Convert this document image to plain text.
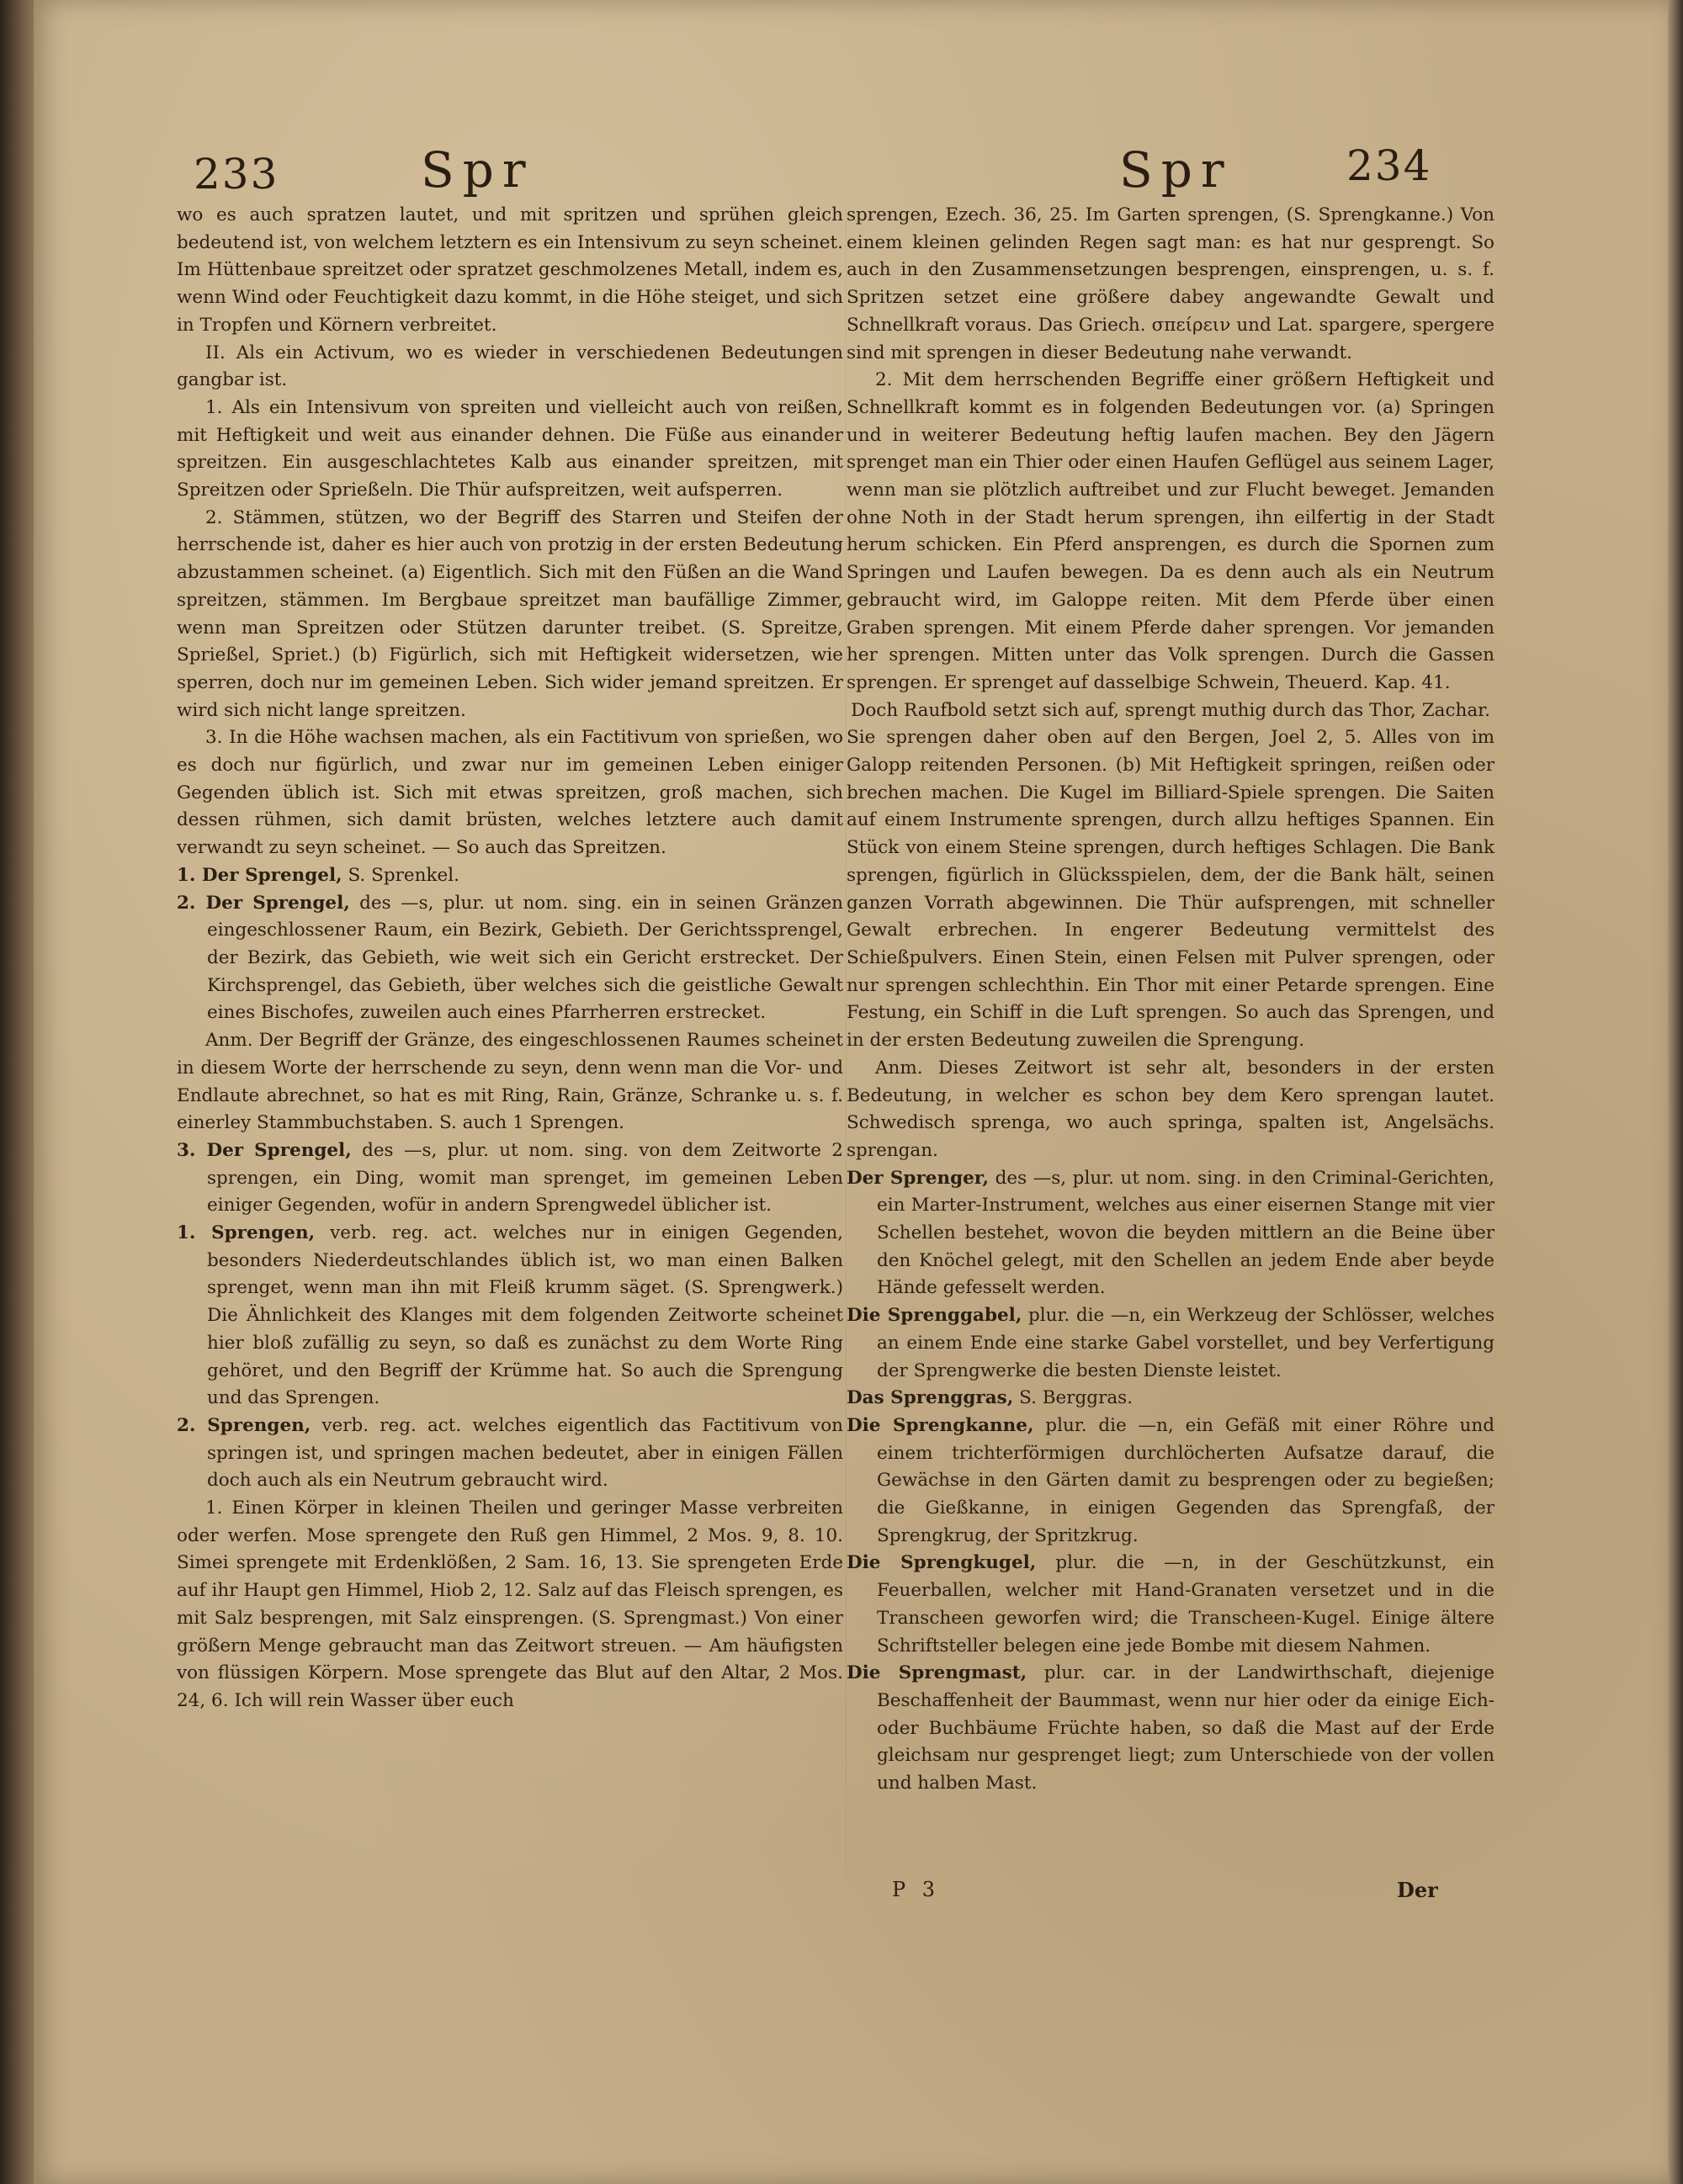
233	Spr	Spr	234

wo es auch spratzen lautet, und mit spritzen und sprühen gleich bedeutend ist, von welchem letztern es ein Intensivum zu seyn scheinet. Im Hüttenbaue spreitzet oder spratzet geschmolzenes Metall, indem es, wenn Wind oder Feuchtigkeit dazu kommt, in die Höhe steiget, und sich in Tropfen und Körnern verbreitet.

II. Als ein Activum, wo es wieder in verschiedenen Bedeutungen gangbar ist.

1. Als ein Intensivum von spreiten und vielleicht auch von reißen, mit Heftigkeit und weit aus einander dehnen. Die Füße aus einander spreitzen. Ein ausgeschlachtetes Kalb aus einander spreitzen, mit Spreitzen oder Sprießeln. Die Thür aufspreitzen, weit aufsperren.

2. Stämmen, stützen, wo der Begriff des Starren und Steifen der herrschende ist, daher es hier auch von protzig in der ersten Bedeutung abzustammen scheinet. (a) Eigentlich. Sich mit den Füßen an die Wand spreitzen, stämmen. Im Bergbaue spreitzet man baufällige Zimmer, wenn man Spreitzen oder Stützen darunter treibet. (S. Spreitze, Sprießel, Spriet.) (b) Figürlich, sich mit Heftigkeit widersetzen, wie sperren, doch nur im gemeinen Leben. Sich wider jemand spreitzen. Er wird sich nicht lange spreitzen.

3. In die Höhe wachsen machen, als ein Factitivum von sprießen, wo es doch nur figürlich, und zwar nur im gemeinen Leben einiger Gegenden üblich ist. Sich mit etwas spreitzen, groß machen, sich dessen rühmen, sich damit brüsten, welches letztere auch damit verwandt zu seyn scheinet. — So auch das Spreitzen.

1. Der Sprengel, S. Sprenkel.

2. Der Sprengel, des —s, plur. ut nom. sing. ein in seinen Gränzen eingeschlossener Raum, ein Bezirk, Gebieth. Der Gerichtssprengel, der Bezirk, das Gebieth, wie weit sich ein Gericht erstrecket. Der Kirchsprengel, das Gebieth, über welches sich die geistliche Gewalt eines Bischofes, zuweilen auch eines Pfarrherren erstrecket.

Anm. Der Begriff der Gränze, des eingeschlossenen Raumes scheinet in diesem Worte der herrschende zu seyn, denn wenn man die Vor- und Endlaute abrechnet, so hat es mit Ring, Rain, Gränze, Schranke u. s. f. einerley Stammbuchstaben. S. auch 1 Sprengen.

3. Der Sprengel, des —s, plur. ut nom. sing. von dem Zeitworte 2 sprengen, ein Ding, womit man sprenget, im gemeinen Leben einiger Gegenden, wofür in andern Sprengwedel üblicher ist.

1. Sprengen, verb. reg. act. welches nur in einigen Gegenden, besonders Niederdeutschlandes üblich ist, wo man einen Balken sprenget, wenn man ihn mit Fleiß krumm säget. (S. Sprengwerk.) Die Ähnlichkeit des Klanges mit dem folgenden Zeitworte scheinet hier bloß zufällig zu seyn, so daß es zunächst zu dem Worte Ring gehöret, und den Begriff der Krümme hat. So auch die Sprengung und das Sprengen.

2. Sprengen, verb. reg. act. welches eigentlich das Factitivum von springen ist, und springen machen bedeutet, aber in einigen Fällen doch auch als ein Neutrum gebraucht wird.

1. Einen Körper in kleinen Theilen und geringer Masse verbreiten oder werfen. Mose sprengete den Ruß gen Himmel, 2 Mos. 9, 8. 10. Simei sprengete mit Erdenklößen, 2 Sam. 16, 13. Sie sprengeten Erde auf ihr Haupt gen Himmel, Hiob 2, 12. Salz auf das Fleisch sprengen, es mit Salz besprengen, mit Salz einsprengen. (S. Sprengmast.) Von einer größern Menge gebraucht man das Zeitwort streuen. — Am häufigsten von flüssigen Körpern. Mose sprengete das Blut auf den Altar, 2 Mos. 24, 6. Ich will rein Wasser über euch

sprengen, Ezech. 36, 25. Im Garten sprengen, (S. Sprengkanne.) Von einem kleinen gelinden Regen sagt man: es hat nur gesprengt. So auch in den Zusammensetzungen besprengen, einsprengen, u. s. f. Spritzen setzet eine größere dabey angewandte Gewalt und Schnellkraft voraus. Das Griech. σπείρειν und Lat. spargere, spergere sind mit sprengen in dieser Bedeutung nahe verwandt.

2. Mit dem herrschenden Begriffe einer größern Heftigkeit und Schnellkraft kommt es in folgenden Bedeutungen vor. (a) Springen und in weiterer Bedeutung heftig laufen machen. Bey den Jägern sprenget man ein Thier oder einen Haufen Geflügel aus seinem Lager, wenn man sie plötzlich auftreibet und zur Flucht beweget. Jemanden ohne Noth in der Stadt herum sprengen, ihn eilfertig in der Stadt herum schicken. Ein Pferd ansprengen, es durch die Spornen zum Springen und Laufen bewegen. Da es denn auch als ein Neutrum gebraucht wird, im Galoppe reiten. Mit dem Pferde über einen Graben sprengen. Mit einem Pferde daher sprengen. Vor jemanden her sprengen. Mitten unter das Volk sprengen. Durch die Gassen sprengen. Er sprenget auf dasselbige Schwein, Theuerd. Kap. 41.

Doch Raufbold setzt sich auf, sprengt muthig durch das Thor, Zachar.

Sie sprengen daher oben auf den Bergen, Joel 2, 5. Alles von im Galopp reitenden Personen. (b) Mit Heftigkeit springen, reißen oder brechen machen. Die Kugel im Billiard-Spiele sprengen. Die Saiten auf einem Instrumente sprengen, durch allzu heftiges Spannen. Ein Stück von einem Steine sprengen, durch heftiges Schlagen. Die Bank sprengen, figürlich in Glücksspielen, dem, der die Bank hält, seinen ganzen Vorrath abgewinnen. Die Thür aufsprengen, mit schneller Gewalt erbrechen. In engerer Bedeutung vermittelst des Schießpulvers. Einen Stein, einen Felsen mit Pulver sprengen, oder nur sprengen schlechthin. Ein Thor mit einer Petarde sprengen. Eine Festung, ein Schiff in die Luft sprengen. So auch das Sprengen, und in der ersten Bedeutung zuweilen die Sprengung.

Anm. Dieses Zeitwort ist sehr alt, besonders in der ersten Bedeutung, in welcher es schon bey dem Kero sprengan lautet. Schwedisch sprenga, wo auch springa, spalten ist, Angelsächs. sprengan.

Der Sprenger, des —s, plur. ut nom. sing. in den Criminal-Gerichten, ein Marter-Instrument, welches aus einer eisernen Stange mit vier Schellen bestehet, wovon die beyden mittlern an die Beine über den Knöchel gelegt, mit den Schellen an jedem Ende aber beyde Hände gefesselt werden.

Die Sprenggabel, plur. die —n, ein Werkzeug der Schlösser, welches an einem Ende eine starke Gabel vorstellet, und bey Verfertigung der Sprengwerke die besten Dienste leistet.

Das Sprenggras, S. Berggras.

Die Sprengkanne, plur. die —n, ein Gefäß mit einer Röhre und einem trichterförmigen durchlöcherten Aufsatze darauf, die Gewächse in den Gärten damit zu besprengen oder zu begießen; die Gießkanne, in einigen Gegenden das Sprengfaß, der Sprengkrug, der Spritzkrug.

Die Sprengkugel, plur. die —n, in der Geschützkunst, ein Feuerballen, welcher mit Hand-Granaten versetzet und in die Transcheen geworfen wird; die Transcheen-Kugel. Einige ältere Schriftsteller belegen eine jede Bombe mit diesem Nahmen.

Die Sprengmast, plur. car. in der Landwirthschaft, diejenige Beschaffenheit der Baummast, wenn nur hier oder da einige Eich- oder Buchbäume Früchte haben, so daß die Mast auf der Erde gleichsam nur gesprenget liegt; zum Unterschiede von der vollen und halben Mast.

P 3	Der
